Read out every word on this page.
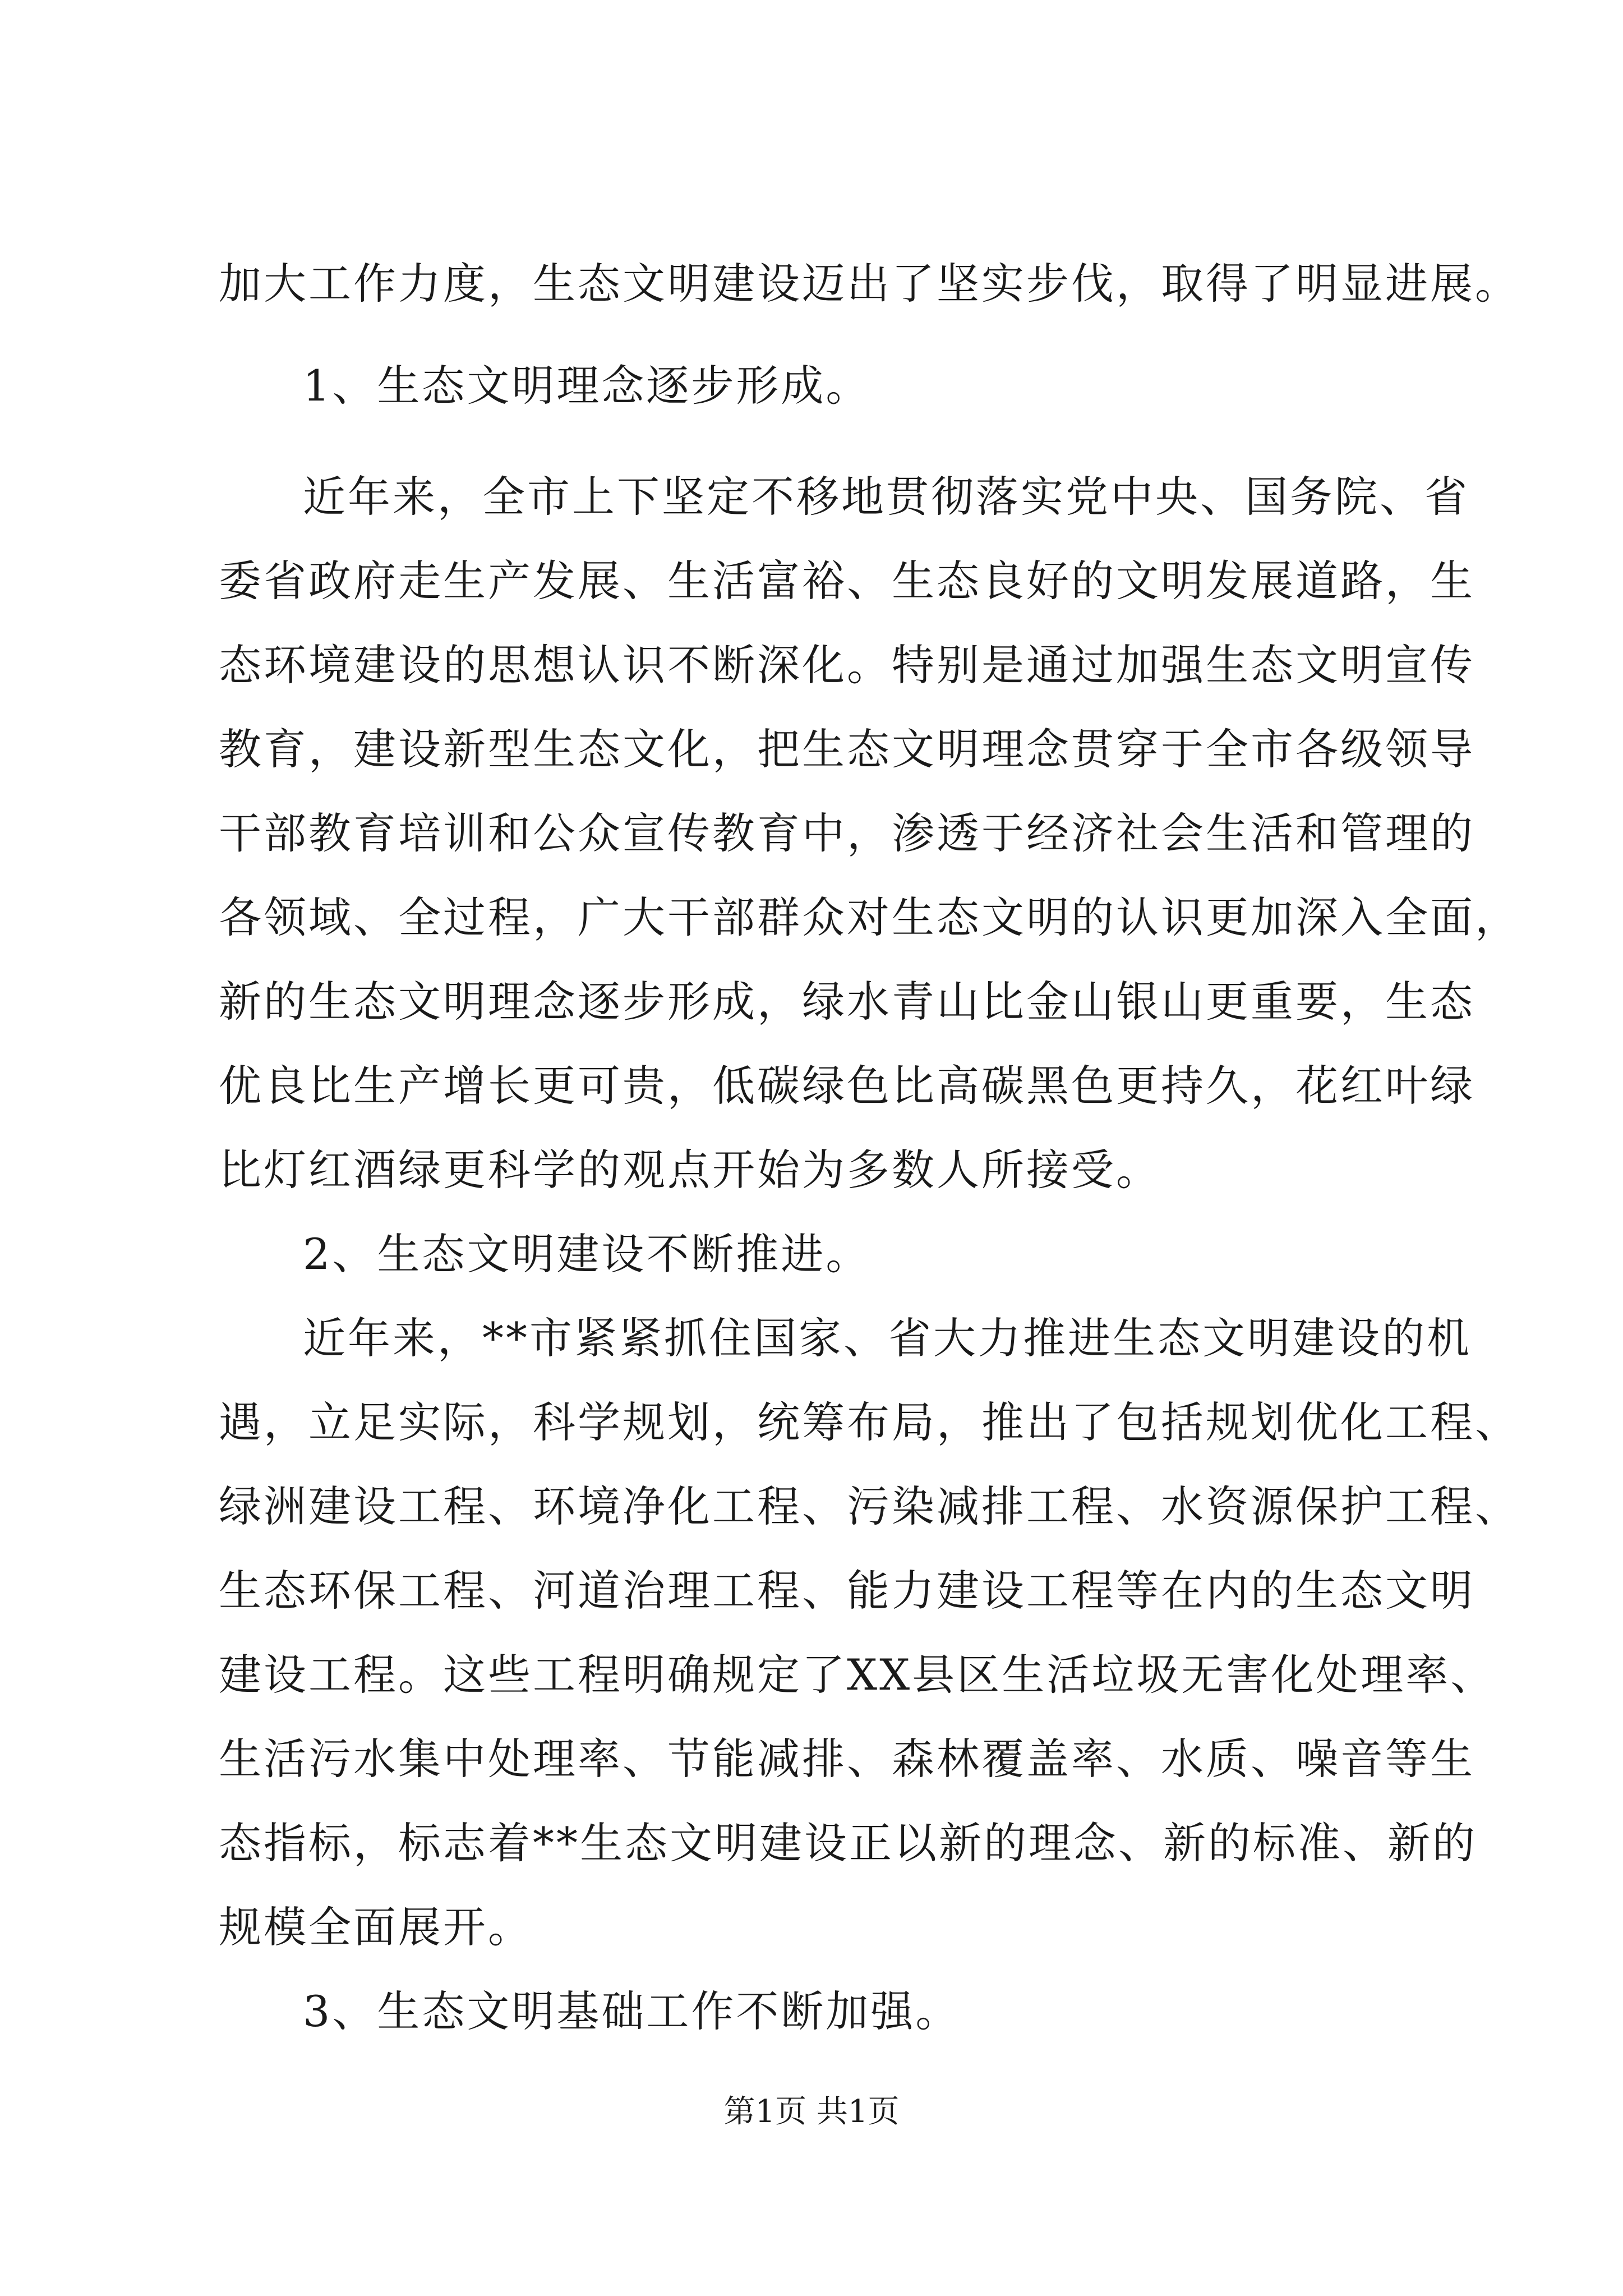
加大工作力度，生态文明建设迈出了坚实步伐，取得了明显进展。
1、生态文明理念逐步形成。
近年来，全市上下坚定不移地贯彻落实党中央、国务院、省
委省政府走生产发展、生活富裕、生态良好的文明发展道路，生
态环境建设的思想认识不断深化。特别是通过加强生态文明宣传
教育，建设新型生态文化，把生态文明理念贯穿于全市各级领导
干部教育培训和公众宣传教育中，渗透于经济社会生活和管理的
各领域、全过程，广大干部群众对生态文明的认识更加深入全面，
新的生态文明理念逐步形成，绿水青山比金山银山更重要，生态
优良比生产增长更可贵，低碳绿色比高碳黑色更持久，花红叶绿
比灯红酒绿更科学的观点开始为多数人所接受。
2、生态文明建设不断推进。
近年来，**市紧紧抓住国家、省大力推进生态文明建设的机
遇，立足实际，科学规划，统筹布局，推出了包括规划优化工程、
绿洲建设工程、环境净化工程、污染减排工程、水资源保护工程、
生态环保工程、河道治理工程、能力建设工程等在内的生态文明
建设工程。这些工程明确规定了XX县区生活垃圾无害化处理率、
生活污水集中处理率、节能减排、森林覆盖率、水质、噪音等生
态指标，标志着**生态文明建设正以新的理念、新的标准、新的
规模全面展开。
3、生态文明基础工作不断加强。
第1页 共1页
